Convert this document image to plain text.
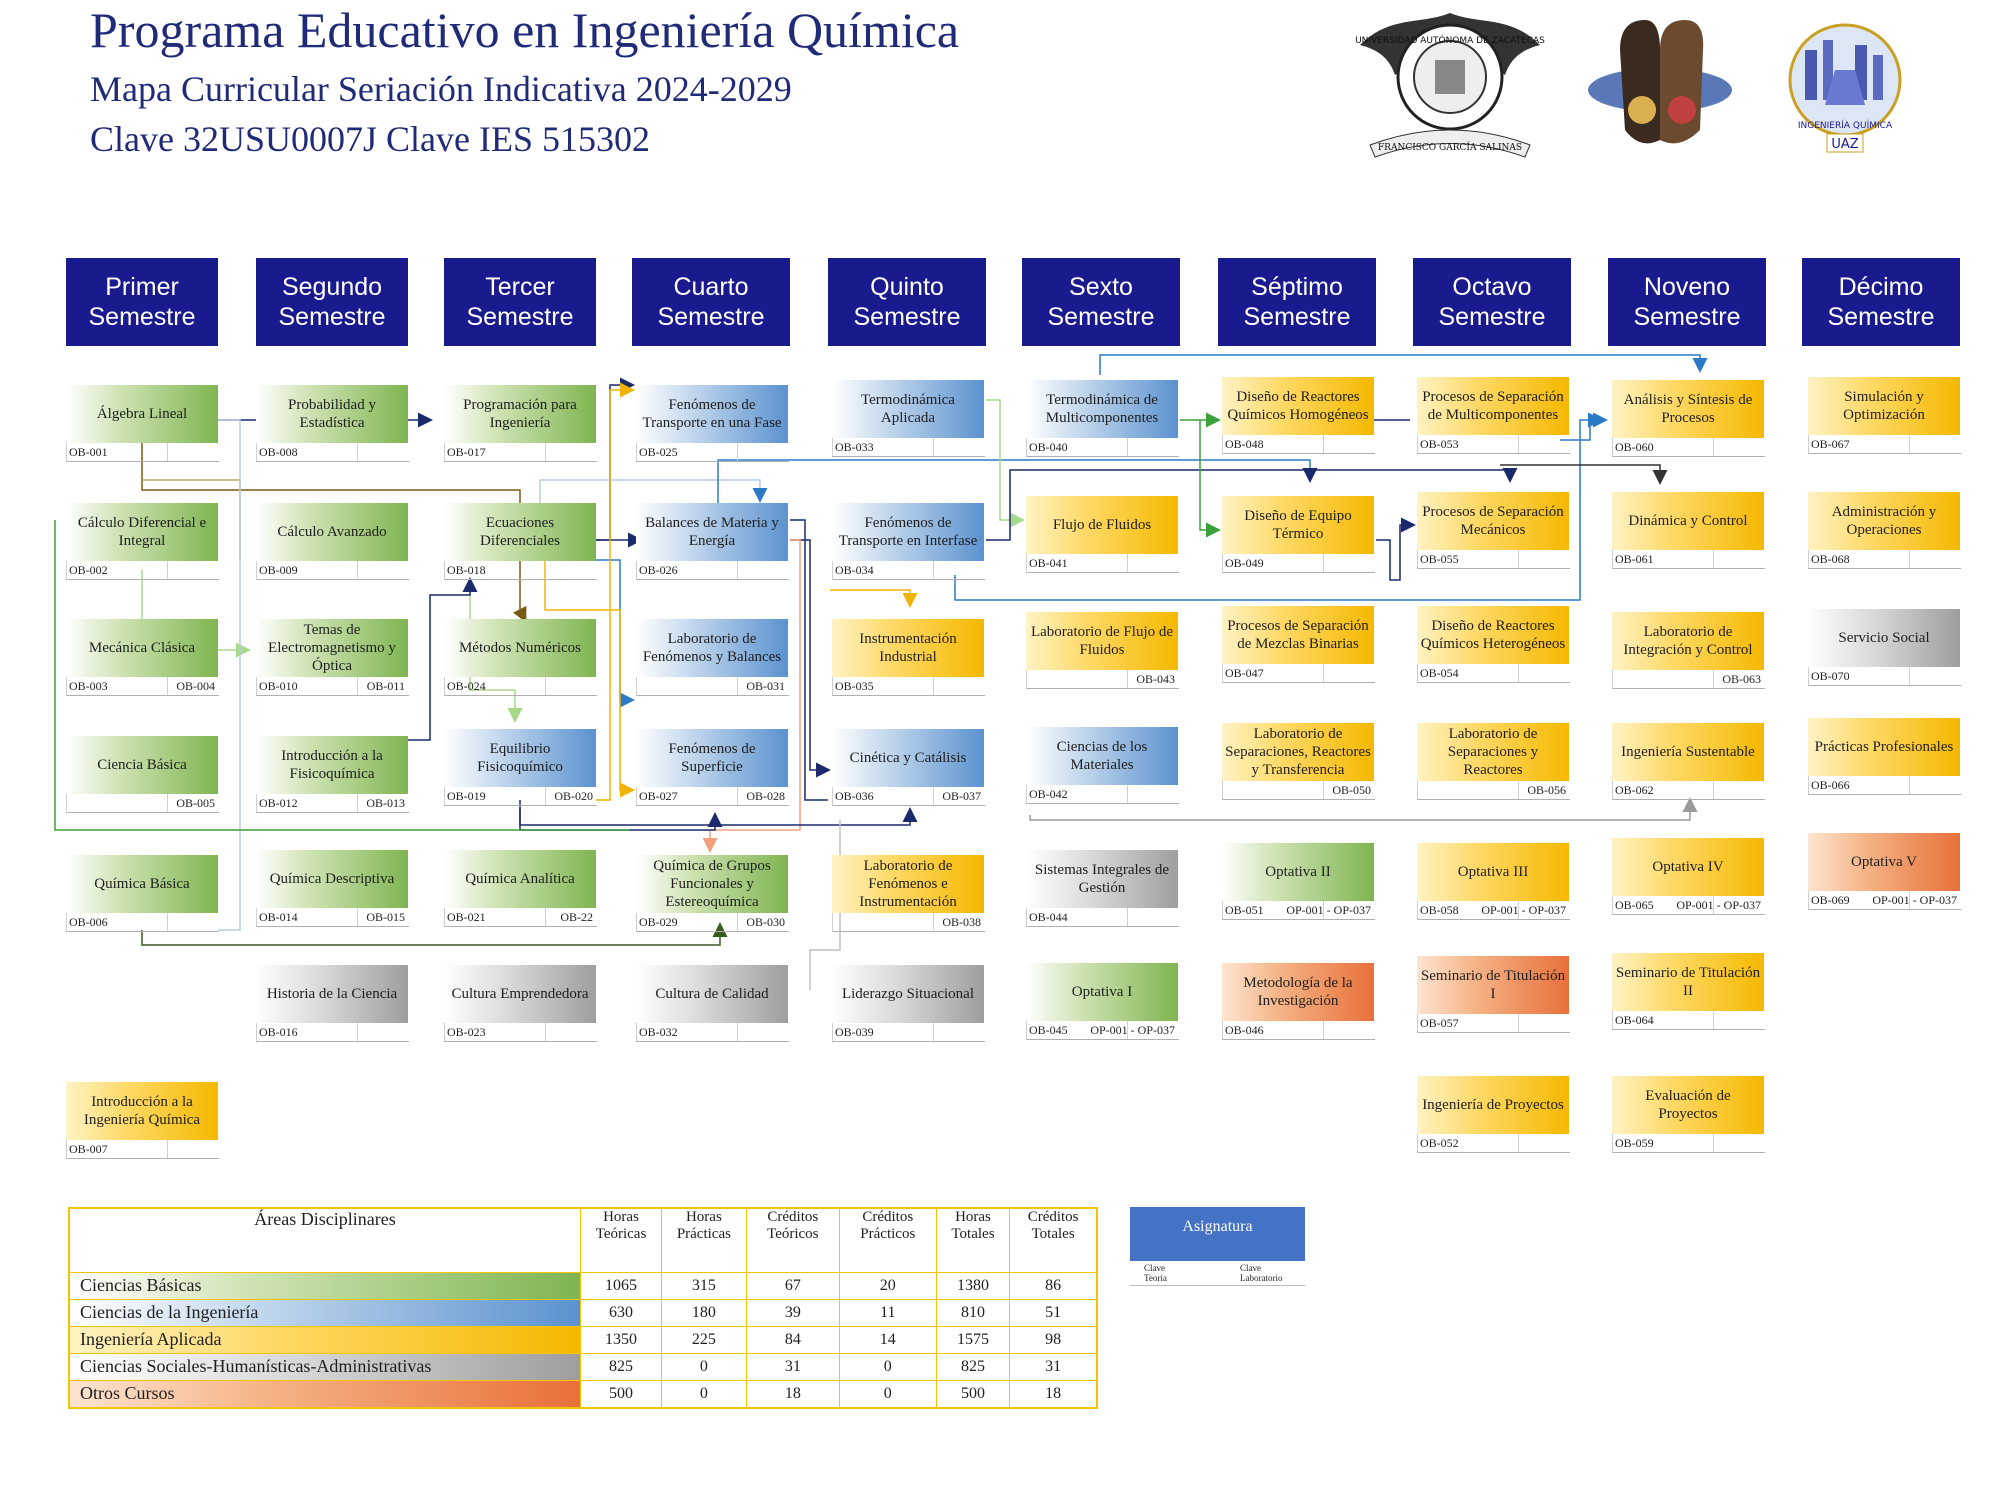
Programa Educativo en Ingeniería Química
Mapa Curricular Seriación Indicativa 2024-2029
Clave 32USU0007J Clave IES 515302
UNIVERSIDAD AUTÓNOMA DE ZACATECAS
FRANCISCO GARCÍA SALINAS
INGENIERÍA QUÍMICA
UAZ
Primer Semestre
Segundo Semestre
Tercer Semestre
Cuarto Semestre
Quinto Semestre
Sexto Semestre
Séptimo Semestre
Octavo Semestre
Noveno Semestre
Décimo Semestre
Álgebra Lineal
OB-001
Cálculo Diferencial e Integral
OB-002
Mecánica Clásica
OB-003	OB-004
Ciencia Básica
OB-005
Química Básica
OB-006
Introducción a la Ingeniería Química
OB-007
Probabilidad y Estadística
OB-008
Cálculo Avanzado
OB-009
Temas de Electromagnetismo y Óptica
OB-010	OB-011
Introducción a la Fisicoquímica
OB-012	OB-013
Química Descriptiva
OB-014	OB-015
Historia de la Ciencia
OB-016
Programación para Ingeniería
OB-017
Ecuaciones Diferenciales
OB-018
Métodos Numéricos
OB-024
Equilibrio Fisicoquímico
OB-019	OB-020
Química Analítica
OB-021	OB-22
Cultura Emprendedora
OB-023
Fenómenos de Transporte en una Fase
OB-025
Balances de Materia y Energía
OB-026
Laboratorio de Fenómenos y Balances
OB-031
Fenómenos de Superficie
OB-027	OB-028
Química de Grupos Funcionales y Estereoquímica
OB-029	OB-030
Cultura de Calidad
OB-032
Termodinámica Aplicada
OB-033
Fenómenos de Transporte en Interfase
OB-034
Instrumentación Industrial
OB-035
Cinética y Catálisis
OB-036	OB-037
Laboratorio de Fenómenos e Instrumentación
OB-038
Liderazgo Situacional
OB-039
Termodinámica de Multicomponentes
OB-040
Flujo de Fluidos
OB-041
Laboratorio de Flujo de Fluidos
OB-043
Ciencias de los Materiales
OB-042
Sistemas Integrales de Gestión
OB-044
Optativa I
OB-045 OP-001 - OP-037
Diseño de Reactores Químicos Homogéneos
OB-048
Diseño de Equipo Térmico
OB-049
Procesos de Separación de Mezclas Binarias
OB-047
Laboratorio de Separaciones, Reactores y Transferencia
OB-050
Optativa II
OB-051 OP-001 - OP-037
Metodología de la Investigación
OB-046
Procesos de Separación de Multicomponentes
OB-053
Procesos de Separación Mecánicos
OB-055
Diseño de Reactores Químicos Heterogéneos
OB-054
Laboratorio de Separaciones y Reactores
OB-056
Optativa III
OB-058 OP-001 - OP-037
Seminario de Titulación I
OB-057
Ingeniería de Proyectos
OB-052
Análisis y Síntesis de Procesos
OB-060
Dinámica y Control
OB-061
Laboratorio de Integración y Control
OB-063
Ingeniería Sustentable
OB-062
Optativa IV
OB-065 OP-001 - OP-037
Seminario de Titulación II
OB-064
Evaluación de Proyectos
OB-059
Simulación y Optimización
OB-067
Administración y Operaciones
OB-068
Servicio Social
OB-070
Prácticas Profesionales
OB-066
Optativa V
OB-069 OP-001 - OP-037
Áreas Disciplinares	Horas Teóricas	Horas Prácticas	Créditos Teóricos	Créditos Prácticos	Horas Totales	Créditos Totales
Ciencias Básicas	1065	315	67	20	1380	86
Ciencias de la Ingeniería	630	180	39	11	810	51
Ingeniería Aplicada	1350	225	84	14	1575	98
Ciencias Sociales-Humanísticas-Administrativas	825	0	31	0	825	31
Otros Cursos	500	0	18	0	500	18
Asignatura
Clave Teoría
Clave Laboratorio
